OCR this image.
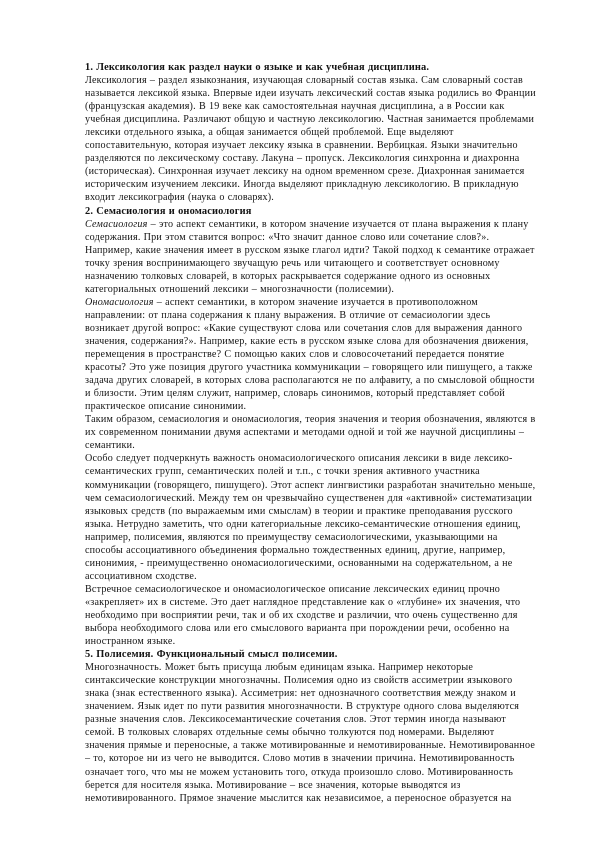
1. Лексикология как раздел науки о языке и как учебная дисциплина.
Лексикология – раздел языкознания, изучающая словарный состав языка. Сам словарный состав
называется лексикой языка. Впервые идеи изучать лексический состав языка родились во Франции
(французская академия). В 19 веке как самостоятельная научная дисциплина, а в России как
учебная дисциплина. Различают общую и частную лексикологию. Частная занимается проблемами
лексики отдельного языка, а общая занимается общей проблемой. Еще выделяют
сопоставительную, которая изучает лексику языка в сравнении. Вербицкая. Языки значительно
разделяются по лексическому составу. Лакуна – пропуск. Лексикология синхронна и диахронна
(историческая). Синхронная изучает лексику на одном временном срезе. Диахронная занимается
историческим изучением лексики. Иногда выделяют прикладную лексикологию. В прикладную
входит лексикография (наука о словарях).
2. Семасиология и ономасиология
Семасиология – это аспект семантики, в котором значение изучается от плана выражения к плану
содержания. При этом ставится вопрос: «Что значит данное слово или сочетание слов?».
Например, какие значения имеет в русском языке глагол идти? Такой подход к семантике отражает
точку зрения воспринимающего звучащую речь или читающего и соответствует основному
назначению толковых словарей, в которых раскрывается содержание одного из основных
категориальных отношений лексики – многозначности (полисемии).
Ономасиология – аспект семантики, в котором значение изучается в противоположном
направлении: от плана содержания к плану выражения. В отличие от семасиологии здесь
возникает другой вопрос: «Какие существуют слова или сочетания слов для выражения данного
значения, содержания?». Например, какие есть в русском языке слова для обозначения движения,
перемещения в пространстве? С помощью каких слов и словосочетаний передается понятие
красоты? Это уже позиция другого участника коммуникации – говорящего или пишущего, а также
задача других словарей, в которых слова располагаются не по алфавиту, а по смысловой общности
и близости. Этим целям служит, например, словарь синонимов, который представляет собой
практическое описание синонимии.
Таким образом, семасиология и ономасиология, теория значения и теория обозначения, являются в
их современном понимании двумя аспектами и методами одной и той же научной дисциплины –
семантики.
Особо следует подчеркнуть важность ономасиологического описания лексики в виде лексико-
семантических групп, семантических полей и т.п., с точки зрения активного участника
коммуникации (говорящего, пишущего). Этот аспект лингвистики разработан значительно меньше,
чем семасиологический. Между тем он чрезвычайно существенен для «активной» систематизации
языковых средств (по выражаемым ими смыслам) в теории и практике преподавания русского
языка. Нетрудно заметить, что одни категориальные лексико-семантические отношения единиц,
например, полисемия, являются по преимуществу семасиологическими, указывающими на
способы ассоциативного объединения формально тождественных единиц, другие, например,
синонимия, - преимущественно ономасиологическими, основанными на содержательном, а не
ассоциативном сходстве.
Встречное семасиологическое и ономасиологическое описание лексических единиц прочно
«закрепляет» их в системе. Это дает наглядное представление как о «глубине» их значения, что
необходимо при восприятии речи, так и об их сходстве и различии, что очень существенно для
выбора необходимого слова или его смыслового варианта при порождении речи, особенно на
иностранном языке.
5. Полисемия. Функциональный смысл полисемии.
Многозначность. Может быть присуща любым единицам языка. Например некоторые
синтаксические конструкции многозначны. Полисемия одно из свойств ассиметрии языкового
знака (знак естественного языка). Ассиметрия: нет однозначного соответствия между знаком и
значением. Язык идет по пути развития многозначности. В структуре одного слова выделяются
разные значения слов. Лексикосемантические сочетания слов. Этот термин иногда называют
семой. В толковых словарях отдельные семы обычно толкуются под номерами. Выделяют
значения прямые и переносные, а также мотивированные и немотивированные. Немотивированное
– то, которое ни из чего не выводится. Слово мотив в значении причина. Немотивированность
означает того, что мы не можем установить того, откуда произошло слово. Мотивированность
берется для носителя языка. Мотивирование – все значения, которые выводятся из
немотивированного. Прямое значение мыслится как независимое, а переносное образуется на
